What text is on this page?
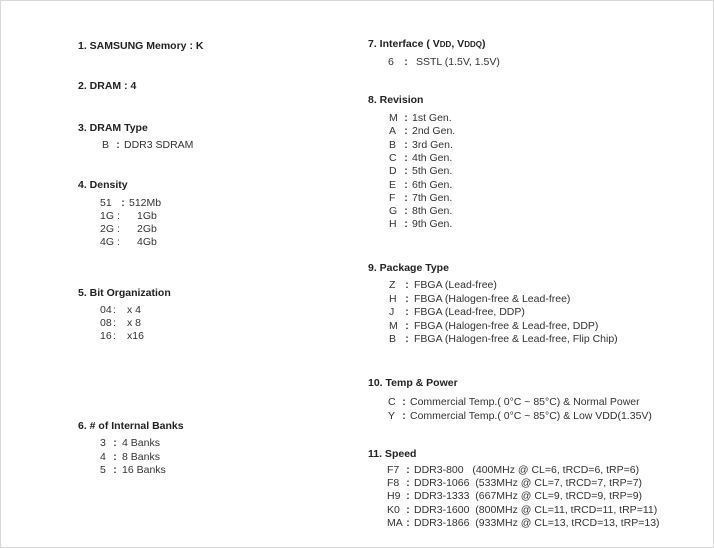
1. SAMSUNG Memory : K
2. DRAM : 4
3. DRAM Type
B : DDR3 SDRAM
4. Density
51 : 512Mb
1G :	1Gb
2G :	2Gb
4G :	4Gb
5. Bit Organization
04 :	x 4
08 :	x 8
16 :	x16
6. # of Internal Banks
3 : 4 Banks
4 : 8 Banks
5 : 16 Banks
7. Interface ( VDD, VDDQ)
6 : SSTL (1.5V, 1.5V)
8. Revision
M : 1st Gen.
A : 2nd Gen.
B : 3rd Gen.
C : 4th Gen.
D : 5th Gen.
E : 6th Gen.
F : 7th Gen.
G : 8th Gen.
H : 9th Gen.
9. Package Type
Z : FBGA (Lead-free)
H : FBGA (Halogen-free & Lead-free)
J	: FBGA (Lead-free, DDP)
M : FBGA (Halogen-free & Lead-free, DDP)
B : FBGA (Halogen-free & Lead-free, Flip Chip)
10. Temp & Power
C : Commercial Temp.( 0°C ~ 85°C) & Normal Power
Y : Commercial Temp.( 0°C ~ 85°C) & Low VDD(1.35V)
11. Speed
F7 : DDR3-800   (400MHz @ CL=6, tRCD=6, tRP=6)
F8 : DDR3-1066  (533MHz @ CL=7, tRCD=7, tRP=7)
H9 : DDR3-1333  (667MHz @ CL=9, tRCD=9, tRP=9)
K0 : DDR3-1600  (800MHz @ CL=11, tRCD=11, tRP=11)
MA : DDR3-1866  (933MHz @ CL=13, tRCD=13, tRP=13)
